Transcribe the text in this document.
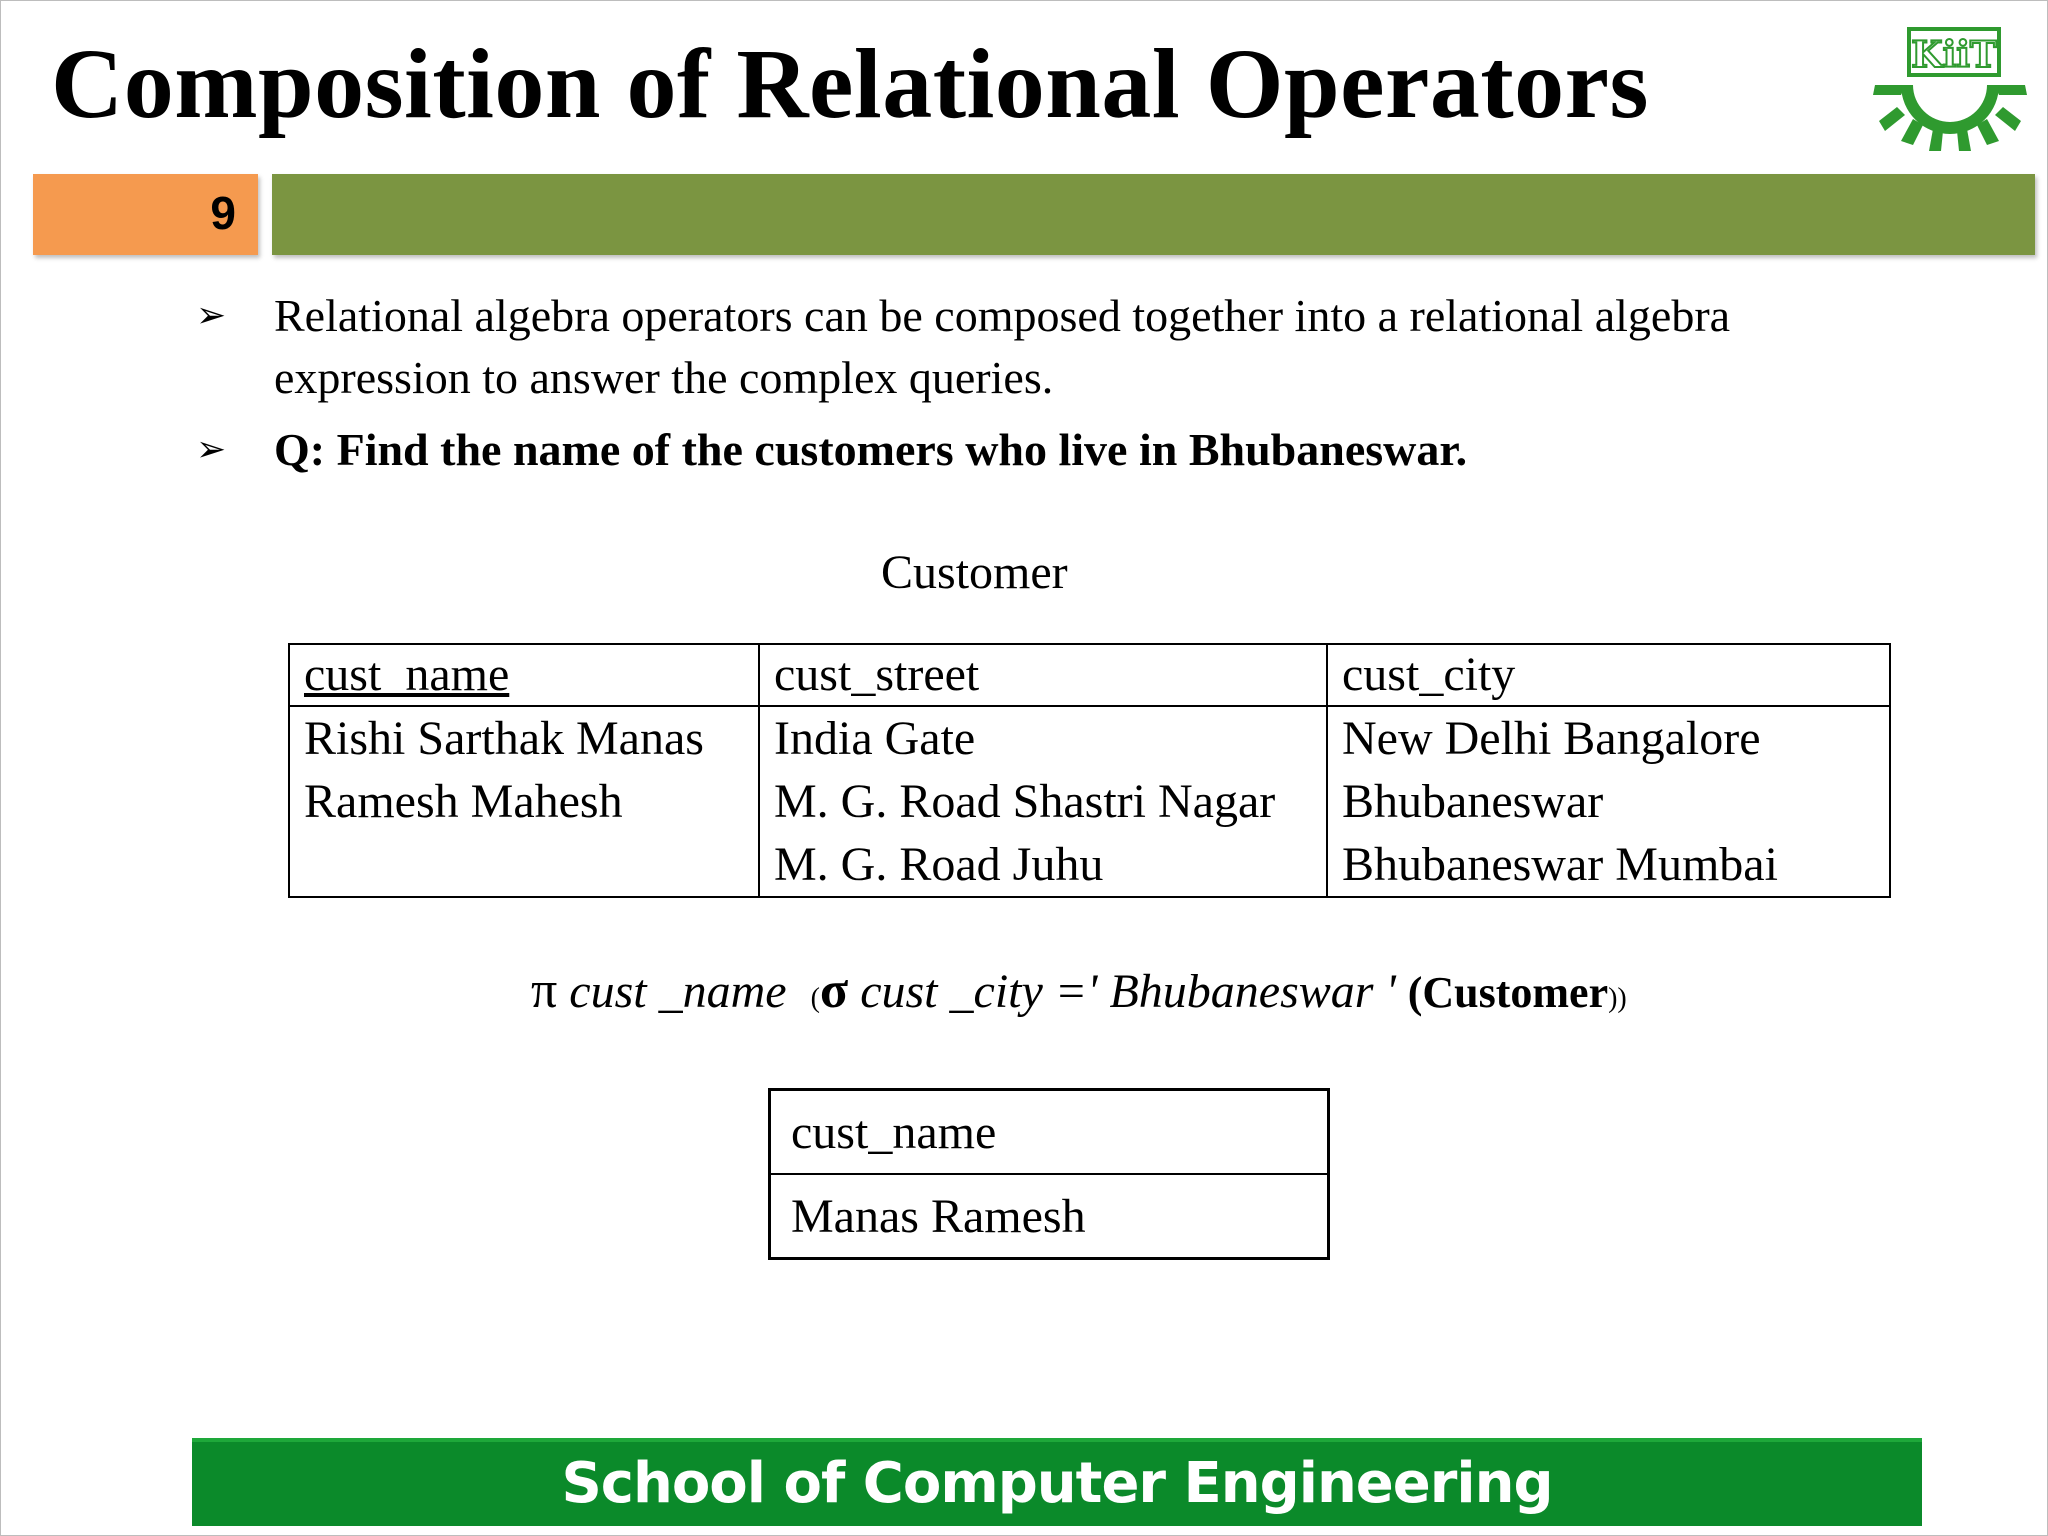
Composition of Relational Operators	KiiT
9
➢ Relational algebra operators can be composed together into a relational algebra
expression to answer the complex queries.
➢ Q: Find the name of the customers who live in Bhubaneswar.
Customer
cust_name	cust_street	cust_city
Rishi Sarthak Manas	India Gate	New Delhi Bangalore
Ramesh Mahesh	M. G. Road Shastri Nagar	Bhubaneswar
	M. G. Road Juhu	Bhubaneswar Mumbai
π cust _name (σ cust _city =' Bhubaneswar ' (Customer))
cust_name
Manas Ramesh
School of Computer Engineering
